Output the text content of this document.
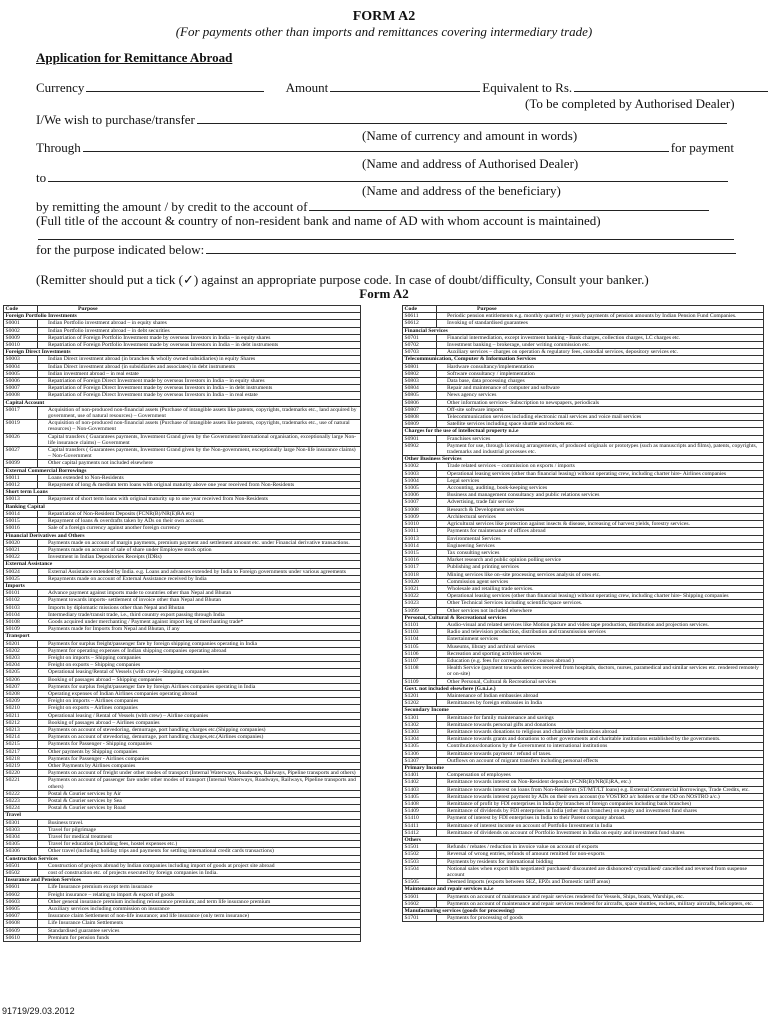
FORM A2
(For payments other than imports and remittances covering intermediary trade)
Application for Remittance Abroad
Currency	Amount	Equivalent to Rs.
(To be completed by Authorised Dealer)
I/We wish to purchase/transfer
(Name of currency and amount in words)
Through	for payment
(Name and address of Authorised Dealer)
to
(Name and address of the beneficiary)
by remitting the amount / by credit to the account of
(Full title of the account & country of non-resident bank and name of AD with whom account is maintained)
for the purpose indicated below:
(Remitter should put a tick (✓) against an appropriate purpose code. In case of doubt/difficulty, Consult your banker.)
Form A2
Code	Purpose
Foreign Portfolio Investments	
S0001	Indian Portfolio investment abroad – in equity shares
S0002	Indian Portfolio investment abroad – in debt securities
S0009	Repatriation of Foreign Portfolio Investment made by overseas Investors in India – in equity shares
S0010	Repatriation of Foreign Portfolio Investment made by overseas Investors in India – in debt instruments
Foreign Direct Investments	
S0003	Indian Direct investment abroad (in branches & wholly owned subsidiaries) in equity Shares
S0004	Indian Direct investment abroad (in subsidiaries and associates) in debt instruments
S0005	Indian investment abroad – in real estate
S0006	Repatriation of Foreign Direct Investment made by overseas Investors in India – in equity shares
S0007	Repatriation of Foreign Direct Investment made by overseas Investors in India – in debt instruments
S0008	Repatriation of Foreign Direct Investment made by overseas Investors in India – in real estate
Capital Account	
S0017	Acquisition of non-produced non-financial assets (Purchase of intangible assets like patents, copyrights, trademarks etc., land acquired by government, use of natural resources) – Government
S0019	Acquisition of non-produced non-financial assets (Purchase of intangible assets like patents, copyrights, trademarks etc., use of natural resources) – Non-Government
S0026	Capital transfers ( Guarantees payments, Investment Grand given by the Government/international organisation, exceptionally large Non-life insurance claims) – Government
S0027	Capital transfers ( Guarantees payments, Investment Grand given by the Non-government, exceptionally large Non-life insurance claims) – Non-Government
S0099	Other capital payments not included elsewhere
External Commercial Borrowings	
S0011	Loans extended to Non-Residents
S0012	Repayment of long & medium term loans with original maturity above one year received from Non-Residents
Short term Loans	
S0013	Repayment of short term loans with original maturity up to one year received from Non-Residents
Banking Capital	
S0014	Repatriation of Non-Resident Deposits (FCNR(B)/NR(E)RA etc)
S0015	Repayment of loans & overdrafts taken by ADs on their own account.
S0016	Sale of a foreign currency against another foreign currency
Financial Derivatives and Others	
S0020	Payments made on account of margin payments, premium payment and settlement amount etc. under Financial derivative transactions.
S0021	Payments made on account of sale of share under Employee stock option
S0022	Investment in Indian Depositories Receipts (IDRs)
External Assistance	
S0024	External Assistance extended by India. e.g. Loans and advances extended by India to Foreign governments under various agreements
S0025	Repayments made on account of External Assistance received by India
Imports	
S0101	Advance payment against imports made to countries other than Nepal and Bhutan
S0102	Payment towards imports- settlement of invoice other than Nepal and Bhutan
S0103	Imports by diplomatic missions other than Nepal and Bhutan
S0104	Intermediary trade/transit trade, i.e., third country export passing through India
S0108	Goods acquired under merchanting / Payment against import leg of merchanting trade*
S0109	Payments made for Imports from Nepal and Bhutan, if any
Transport	
S0201	Payments for surplus freight/passenger fare by foreign shipping companies operating in India
S0202	Payment for operating expenses of Indian shipping companies operating abroad
S0203	Freight on imports – Shipping companies
S0204	Freight on exports – Shipping companies
S0205	Operational leasing/Rental of Vessels (with crew) –Shipping companies
S0206	Booking of passages abroad – Shipping companies
S0207	Payments for surplus freight/passenger fare by foreign Airlines companies operating in India
S0208	Operating expenses of Indian Airlines companies operating abroad
S0209	Freight on imports – Airlines companies
S0210	Freight on exports – Airlines companies
S0211	Operational leasing / Rental of Vessels (with crew) – Airline companies
S0212	Booking of passages abroad – Airlines companies
S0213	Payments on account of stevedoring, demurrage, port handling charges etc.(Shipping companies)
S0214	Payments on account of stevedoring, demurrage, port handling charges,etc.(Airlines companies)
S0215	Payments for Passenger - Shipping companies
S0217	Other payments by Shipping companies
S0218	Payments for Passenger - Airlines companies
S0219	Other Payments by Airlines companies
S0220	Payments on account of freight under other modes of transport (Internal Waterways, Roadways, Railways, Pipeline transports and others)
S0221	Payments on account of passenger fare under other modes of transport (Internal Waterways, Roadways, Railways, Pipeline transports and others)
S0222	Postal & Courier services by Air
S0223	Postal & Courier services by Sea
S0224	Postal & Courier services by Road
Travel	
S0301	Business travel.
S0303	Travel for pilgrimage
S0304	Travel for medical treatment
S0305	Travel for education (including fees, hostel expenses etc.)
S0306	Other travel (including holiday trips and payments for settling international credit cards transactions)
Construction Services	
S0501	Construction of projects abroad by Indian companies including import of goods at project site abroad
S0502	cost of construction etc. of projects executed by foreign companies in India.
Insurance and Pension Services	
S0601	Life Insurance premium except term insurance
S0602	Freight insurance – relating to import & export of goods
S0603	Other general insurance premium including reinsurance premium; and term life insurance premium
S0605	Auxiliary services including commission on insurance
S0607	Insurance claim Settlement of non-life insurance; and life insurance (only term insurance)
S0608	Life Insurance Claim Settlements
S0609	Standardised guarantee services
S0610	Premium for pension funds
Code	Purpose
S0611	Periodic pension entitlements e.g. monthly quarterly or yearly payments of pension amounts by Indian Pension Fund Companies.
S0612	Invoking of standardised guarantees
Financial Services	
S0701	Financial intermediation, except investment banking - Bank charges, collection charges, LC charges etc.
S0702	Investment banking – brokerage, under writing commission etc.
S0703	Auxiliary services – charges on operation & regulatory fees, custodial services, depository services etc.
Telecommunication, Computer & Information Services	
S0801	Hardware consultancy/implementation
S0802	Software consultancy / implementation
S0803	Data base, data processing charges
S0804	Repair and maintenance of computer and software
S0805	News agency services
S0806	Other information services- Subscription to newspapers, periodicals
S0807	Off-site software imports
S0808	Telecommunication services including electronic mail services and voice mail services
S0809	Satellite services including space shuttle and rockets etc.
Charges for the use of intellectual property n.i.e	
S0901	Franchises services
S0902	Payment for use, through licensing arrangements, of produced originals or prototypes (such as manuscripts and films), patents, copyrights, trademarks and industrial processes etc.
Other Business Services	
S1002	Trade related services – commission on exports / imports
S1003	Operational leasing services (other than financial leasing) without operating crew, including charter hire- Airlines companies
S1004	Legal services
S1005	Accounting, auditing, book-keeping services
S1006	Business and management consultancy and public relations services
S1007	Advertising, trade fair service
S1008	Research & Development services
S1009	Architectural services
S1010	Agricultural services like protection against insects & disease, increasing of harvest yields, forestry services.
S1011	Payments for maintenance of offices abroad
S1013	Environmental Services
S1014	Engineering Services
S1015	Tax consulting services
S1016	Market research and public opinion polling service
S1017	Publishing and printing services
S1018	Mining services like on–site processing services analysis of ores etc.
S1020	Commission agent services
S1021	Wholesale and retailing trade services.
S1022	Operational leasing services (other than financial leasing) without operating crew, including charter hire- Shipping companies
S1023	Other Technical Services including scientific/space services.
S1099	Other services not included elsewhere
Personal, Cultural & Recreational services	
S1101	Audio-visual and related services like Motion picture and video tape production, distribution and projection services.
S1103	Radio and television production, distribution and transmission services
S1104	Entertainment services
S1105	Museums, library and archival services
S1106	Recreation and sporting activities services
S1107	Education (e.g. fees for correspondence courses abroad )
S1108	Health Service (payment towards services received from hospitals, doctors, nurses, paramedical and similar services etc. rendered remotely or on-site)
S1109	Other Personal, Cultural & Recreational services
Govt. not included elsewhere (G.n.i.e.)	
S1201	Maintenance of Indian embassies abroad
S1202	Remittances by foreign embassies in India
Secondary Income	
S1301	Remittance for family maintenance and savings
S1302	Remittance towards personal gifts and donations
S1303	Remittance towards donations to religious and charitable institutions abroad
S1304	Remittance towards grants and donations to other governments and charitable institutions established by the governments.
S1305	Contributions/donations by the Government to international institutions
S1306	Remittance towards payment / refund of taxes.
S1307	Outflows on account of migrant transfers including personal effects
Primary Income	
S1401	Compensation of employees
S1402	Remittance towards interest on Non-Resident deposits (FCNR(B)/NR(E)RA, etc.)
S1403	Remittance towards interest on loans from Non-Residents (ST/MT/LT loans) e.g. External Commercial Borrowings, Trade Credits, etc.
S1405	Remittance towards interest payment by ADs on their own account (to VOSTRO a/c holders or the OD on NOSTRO a/c.)
S1408	Remittance of profit by FDI enterprises in India (by branches of foreign companies including bank branches)
S1409	Remittance of dividends by FDI enterprises in India (other than branches) on equity and investment fund shares
S1410	Payment of interest by FDI enterprises in India to their Parent company abroad.
S1411	Remittance of interest income on account of Portfolio Investment in India
S1412	Remittance of dividends on account of Portfolio Investment in India on equity and investment fund shares
Others	
S1501	Refunds / rebates / reduction in invoice value on account of exports
S1502	Reversal of wrong entries, refunds of amount remitted for non-exports
S1503	Payments by residents for international bidding
S1504	Notional sales when export bills negotiated/ purchased/ discounted are dishonored/ crystallised/ cancelled and reversed from suspense account
S1505	Deemed Imports (exports between SEZ, EPZs and Domestic tariff areas)
Maintenance and repair services n.i.e	
S1601	Payments on account of maintenance and repair services rendered for Vessels, Ships, boats, Warships, etc.
S1602	Payments on account of maintenance and repair services rendered for aircrafts, space shuttles, rockets, military aircrafts, helicopters, etc.
Manufacturing services (goods for processing)	
S1701	Payments for processing of goods
91719/29.03.2012
